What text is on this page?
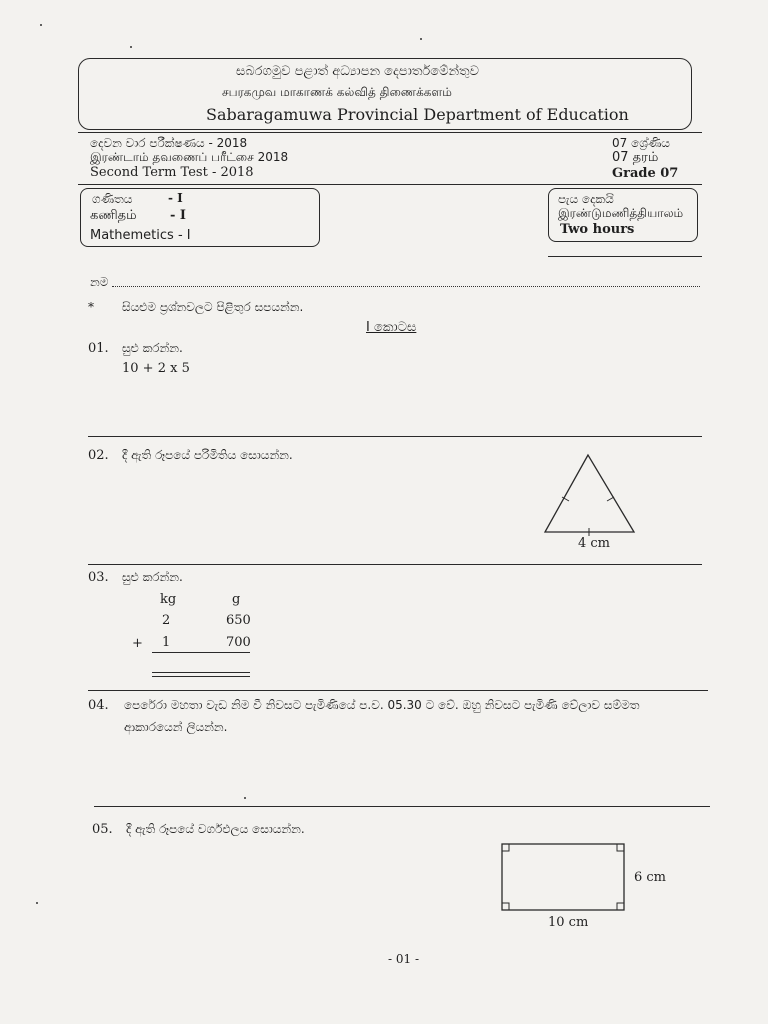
සබරගමුව පළාත් අධ්‍යාපන දෙපාර්තමේන්තුව
சபரகமுவ மாகாணக் கல்வித் திணைக்களம்
Sabaragamuwa Provincial Department of Education
දෙවන වාර පරීක්ෂණය - 2018
இரண்டாம் தவணைப் பரீட்சை 2018
Second Term Test - 2018
07 ශ්‍රේණිය
07 தரம்
Grade 07
ගණිතය	- I
கணிதம்	- I
Mathemetics - I
පැය දෙකයි
இரண்டுமணித்தியாலம்
Two hours
නම
* සියළුම ප්‍රශ්නවලට පිළිතුර සපයන්න.
I කොටස
01. සුළු කරන්න.
10 + 2 x 5
02. දී ඇති රූපයේ පරිමිතිය සොයන්න.
4 cm
03. සුළු කරන්න.
kg	g
2	650
+ 1	700
04. පෙරේරා මහතා වැඩ නිම වී නිවසට පැමිණියේ ප.ව. 05.30 ට වේ. ඔහු නිවසට පැමිණි වේලාව සම්මත
ආකාරයෙන් ලියන්න.
05. දී ඇති රූපයේ වර්ගඵලය සොයන්න.
6 cm
10 cm
- 01 -
